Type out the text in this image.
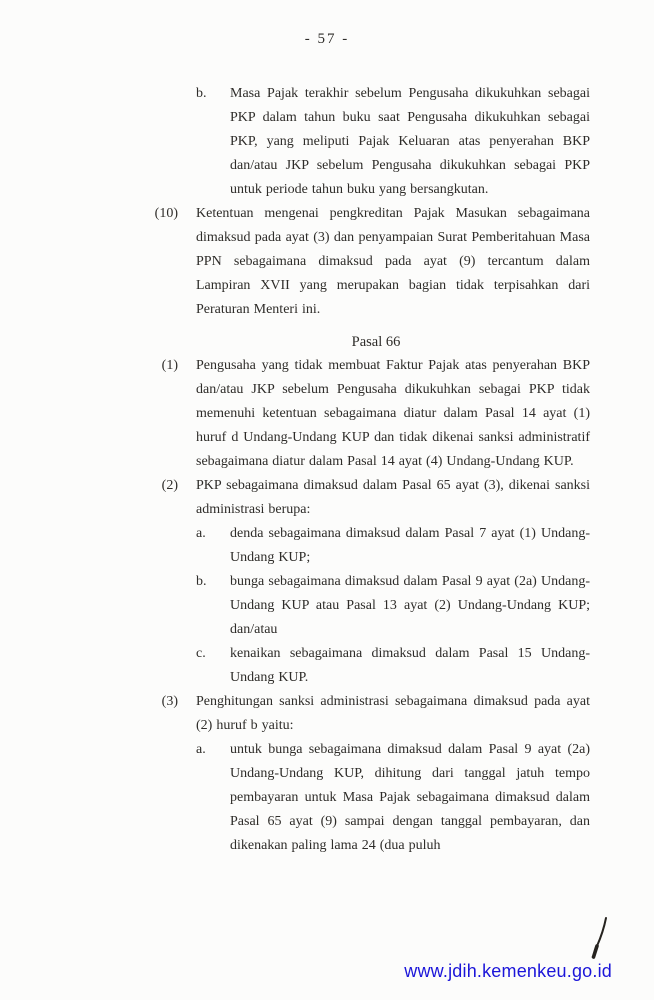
- 57 -
b.	Masa Pajak terakhir sebelum Pengusaha dikukuhkan sebagai PKP dalam tahun buku saat Pengusaha dikukuhkan sebagai PKP, yang meliputi Pajak Keluaran atas penyerahan BKP dan/atau JKP sebelum Pengusaha dikukuhkan sebagai PKP untuk periode tahun buku yang bersangkutan.

(10) Ketentuan mengenai pengkreditan Pajak Masukan sebagaimana dimaksud pada ayat (3) dan penyampaian Surat Pemberitahuan Masa PPN sebagaimana dimaksud pada ayat (9) tercantum dalam Lampiran XVII yang merupakan bagian tidak terpisahkan dari Peraturan Menteri ini.

Pasal 66
(1) Pengusaha yang tidak membuat Faktur Pajak atas penyerahan BKP dan/atau JKP sebelum Pengusaha dikukuhkan sebagai PKP tidak memenuhi ketentuan sebagaimana diatur dalam Pasal 14 ayat (1) huruf d Undang-Undang KUP dan tidak dikenai sanksi administratif sebagaimana diatur dalam Pasal 14 ayat (4) Undang-Undang KUP.

(2) PKP sebagaimana dimaksud dalam Pasal 65 ayat (3), dikenai sanksi administrasi berupa:

a.	denda sebagaimana dimaksud dalam Pasal 7 ayat (1) Undang-Undang KUP;

b.	bunga sebagaimana dimaksud dalam Pasal 9 ayat (2a) Undang-Undang KUP atau Pasal 13 ayat (2) Undang-Undang KUP; dan/atau

c.	kenaikan sebagaimana dimaksud dalam Pasal 15 Undang-Undang KUP.

(3) Penghitungan sanksi administrasi sebagaimana dimaksud pada ayat (2) huruf b yaitu:

a.	untuk bunga sebagaimana dimaksud dalam Pasal 9 ayat (2a) Undang-Undang KUP, dihitung dari tanggal jatuh tempo pembayaran untuk Masa Pajak sebagaimana dimaksud dalam Pasal 65 ayat (9) sampai dengan tanggal pembayaran, dan dikenakan paling lama 24 (dua puluh

www.jdih.kemenkeu.go.id
